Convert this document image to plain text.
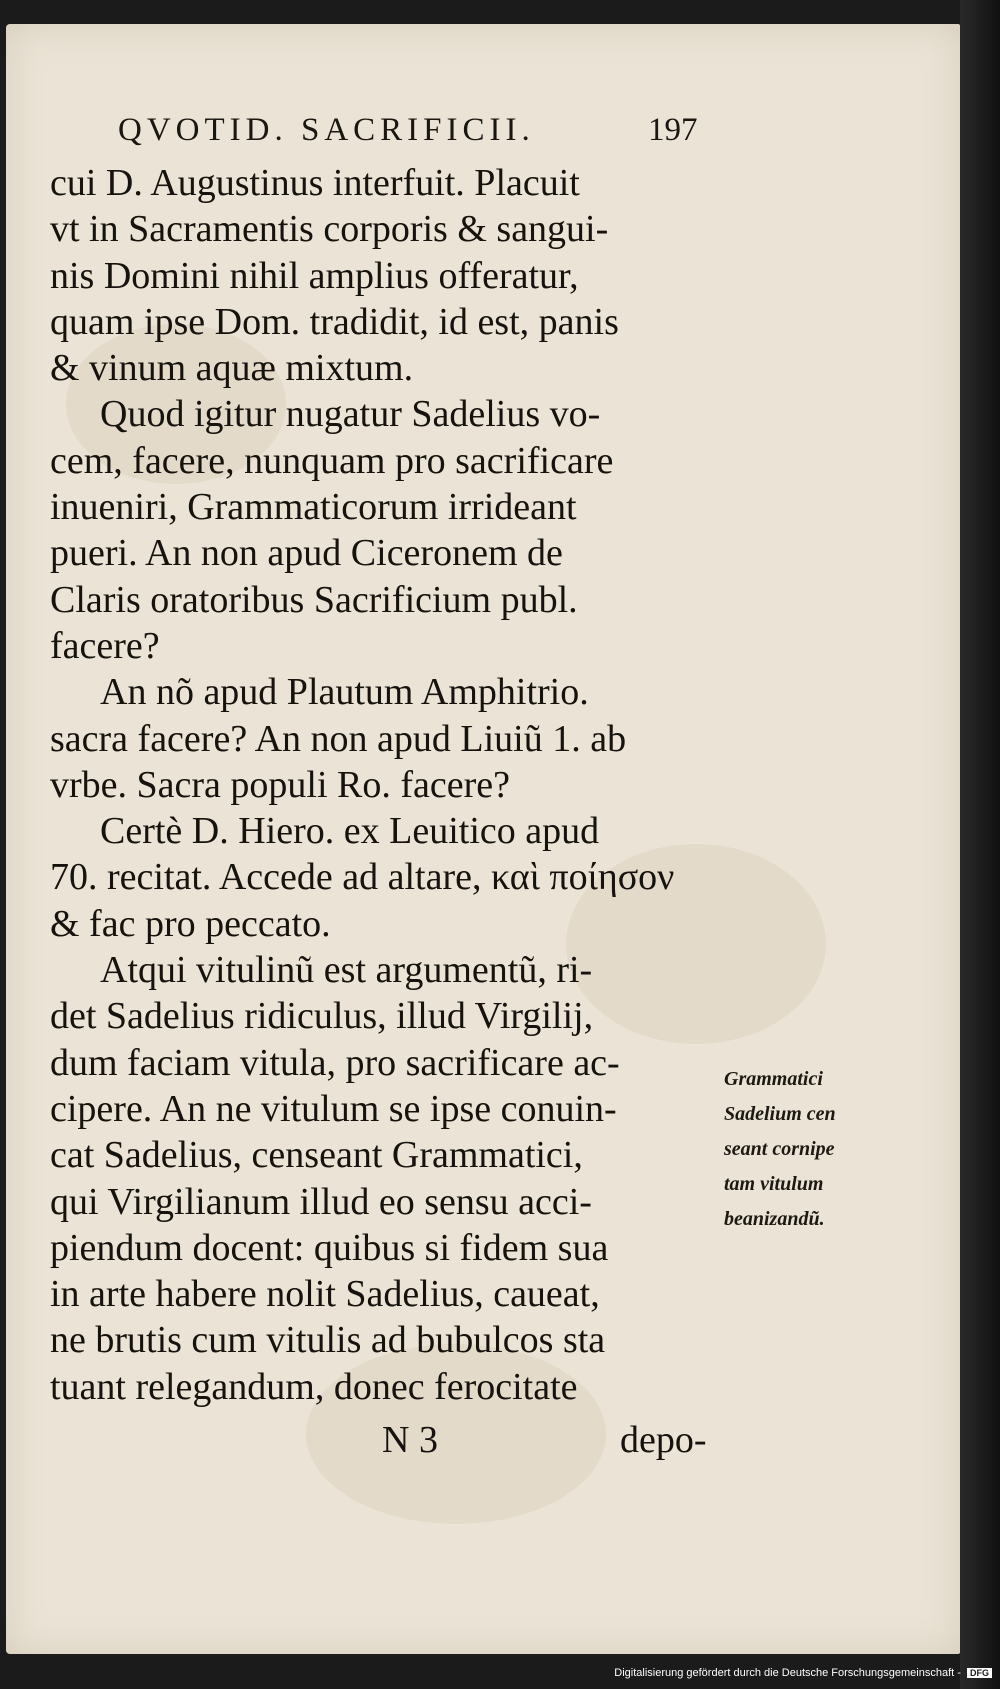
QVOTID. SACRIFICII.	197
cui D. Augustinus interfuit. Placuit
vt in Sacramentis corporis & sangui-
nis Domini nihil amplius offeratur,
quam ipse Dom. tradidit, id est, panis
& vinum aquæ mixtum.
Quod igitur nugatur Sadelius vo-
cem, facere, nunquam pro sacrificare
inueniri, Grammaticorum irrideant
pueri. An non apud Ciceronem de
Claris oratoribus Sacrificium publ.
facere?
An nõ apud Plautum Amphitrio.
sacra facere? An non apud Liuiũ 1. ab
vrbe. Sacra populi Ro. facere?
Certè D. Hiero. ex Leuitico apud
70. recitat. Accede ad altare, καὶ ποίησον
& fac pro peccato.
Atqui vitulinũ est argumentũ, ri-
det Sadelius ridiculus, illud Virgilij,
dum faciam vitula, pro sacrificare ac-
cipere. An ne vitulum se ipse conuin-
cat Sadelius, censeant Grammatici,
qui Virgilianum illud eo sensu acci-
piendum docent: quibus si fidem sua
in arte habere nolit Sadelius, caueat,
ne brutis cum vitulis ad bubulcos sta
tuant relegandum, donec ferocitate
Grammatici
Sadelium cen
seant cornipe
tam vitulum
beanizandũ.
N 3	depo-
Digitalisierung gefördert durch die Deutsche Forschungsgemeinschaft - DFG
